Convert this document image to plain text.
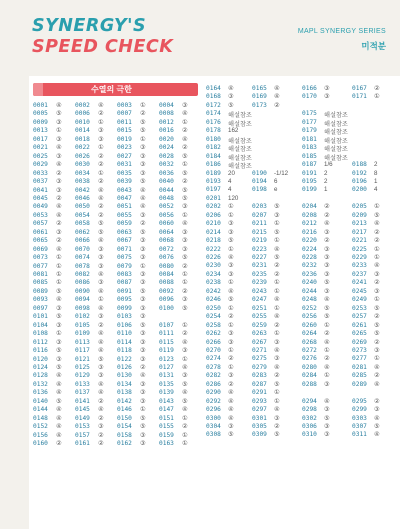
SYNERGY'S
SPEED CHECK
MAPL SYNERGY SERIES
미적분
수열의 극한
0001 ④ 0002 ④ 0003 ① 0004 ③
0005 ⑤ 0006 ② 0007 ② 0008 ④
0009 ③ 0010 ① 0011 ⑤ 0012 ①
0013 ① 0014 ③ 0015 ⑤ 0016 ②
0017 ③ 0018 ③ 0019 ① 0020 ④
0021 ④ 0022 ① 0023 ③ 0024 ②
0025 ③ 0026 ② 0027 ③ 0028 ⑤
0029 ④ 0030 ② 0031 ③ 0032 ①
0033 ② 0034 ① 0035 ③ 0036 ⑤
0037 ③ 0038 ② 0039 ⑤ 0040 ②
0041 ③ 0042 ④ 0043 ④ 0044 ⑤
0045 ② 0046 ④ 0047 ④ 0048 ⑤
0049 ④ 0050 ② 0051 ④ 0052 ③
0053 ④ 0054 ② 0055 ③ 0056 ①
0057 ② 0058 ⑤ 0059 ② 0060 ④
0061 ③ 0062 ⑤ 0063 ⑤ 0064 ③
0065 ② 0066 ④ 0067 ③ 0068 ③
0069 ④ 0070 ③ 0071 ③ 0072 ③
0073 ① 0074 ③ 0075 ③ 0076 ⑤
0077 ① 0078 ③ 0079 ① 0080 ②
0081 ① 0082 ④ 0083 ③ 0084 ①
0085 ① 0086 ③ 0087 ③ 0088 ①
0089 ⑤ 0090 ④ 0091 ⑤ 0092 ②
0093 ④ 0094 ① 0095 ③ 0096 ③
0097 ③ 0098 ④ 0099 ③ 0100 ⑤
0101 ⑤ 0102 ③ 0103 ③
0104 ③ 0105 ② 0106 ⑤ 0107 ①
0108 ① 0109 ④ 0110 ③ 0111 ②
0112 ③ 0113 ④ 0114 ③ 0115 ④
0116 ⑤ 0117 ④ 0118 ③ 0119 ③
0120 ③ 0121 ⑤ 0122 ③ 0123 ①
0124 ⑤ 0125 ③ 0126 ② 0127 ④
0128 ④ 0129 ③ 0130 ④ 0131 ③
0132 ④ 0133 ④ 0134 ③ 0135 ⑤
0136 ④ 0137 ④ 0138 ③ 0139 ④
0140 ⑤ 0141 ② 0142 ③ 0143 ⑤
0144 ④ 0145 ④ 0146 ① 0147 ④
0148 ④ 0149 ② 0150 ⑤ 0151 ①
0152 ④ 0153 ③ 0154 ⑤ 0155 ②
0156 ④ 0157 ② 0158 ③ 0159 ①
0160 ② 0161 ② 0162 ③ 0163 ①
0164 ④	0165 ④	0166 ③	0167 ②
0168 ③	0169 ④	0170 ③	0171 ①
0172 ⑤	0173 ②
0174 해설참조	0175 해설참조
0176 해설참조	0177 해설참조
0178 162	0179 해설참조
0180 해설참조	0181 해설참조
0182 해설참조	0183 해설참조
0184 해설참조	0185 해설참조
0186 해설참조	0187 1/6	0188 2
0189 20	0190 -1/12 0191 2	0192 8
0193 4	0194 6	0195 2	0196 1
0197 4	0198 e	0199 1	0200 4
0201 120
0202 ①	0203 ⑤	0204 ②	0205 ①
0206 ①	0207 ③	0208 ②	0209 ⑤
0210 ③	0211 ①	0212 ④	0213 ④
0214 ③	0215 ⑤	0216 ③	0217 ②
0218 ⑤	0219 ①	0220 ②	0221 ②
0222 ①	0223 ④	0224 ③	0225 ①
0226 ④	0227 ⑤	0228 ③	0229 ①
0230 ③	0231 ②	0232 ③	0233 ④
0234 ③	0235 ②	0236 ③	0237 ③
0238 ①	0239 ①	0240 ⑤	0241 ②
0242 ④	0243 ①	0244 ③	0245 ③
0246 ⑤	0247 ④	0248 ④	0249 ①
0250 ①	0251 ①	0252 ⑤	0253 ⑤
0254 ②	0255 ④	0256 ⑤	0257 ②
0258 ①	0259 ②	0260 ①	0261 ⑤
0262 ③	0263 ①	0264 ②	0265 ⑤
0266 ③	0267 ③	0268 ④	0269 ②
0270 ①	0271 ④	0272 ①	0273 ③
0274 ②	0275 ③	0276 ②	0277 ①
0278 ①	0279 ④	0280 ④	0281 ④
0282 ③	0283 ②	0284 ①	0285 ②
0286 ②	0287 ⑤	0288 ③	0289 ④
0290 ④	0291 ①
0292 ④	0293 ①	0294 ④	0295 ②
0296 ④	0297 ④	0298 ③	0299 ③
0300 ④	0301 ③	0302 ⑤	0303 ④
0304 ③	0305 ②	0306 ③	0307 ⑤
0308 ⑤	0309 ⑤	0310 ③	0311 ④
